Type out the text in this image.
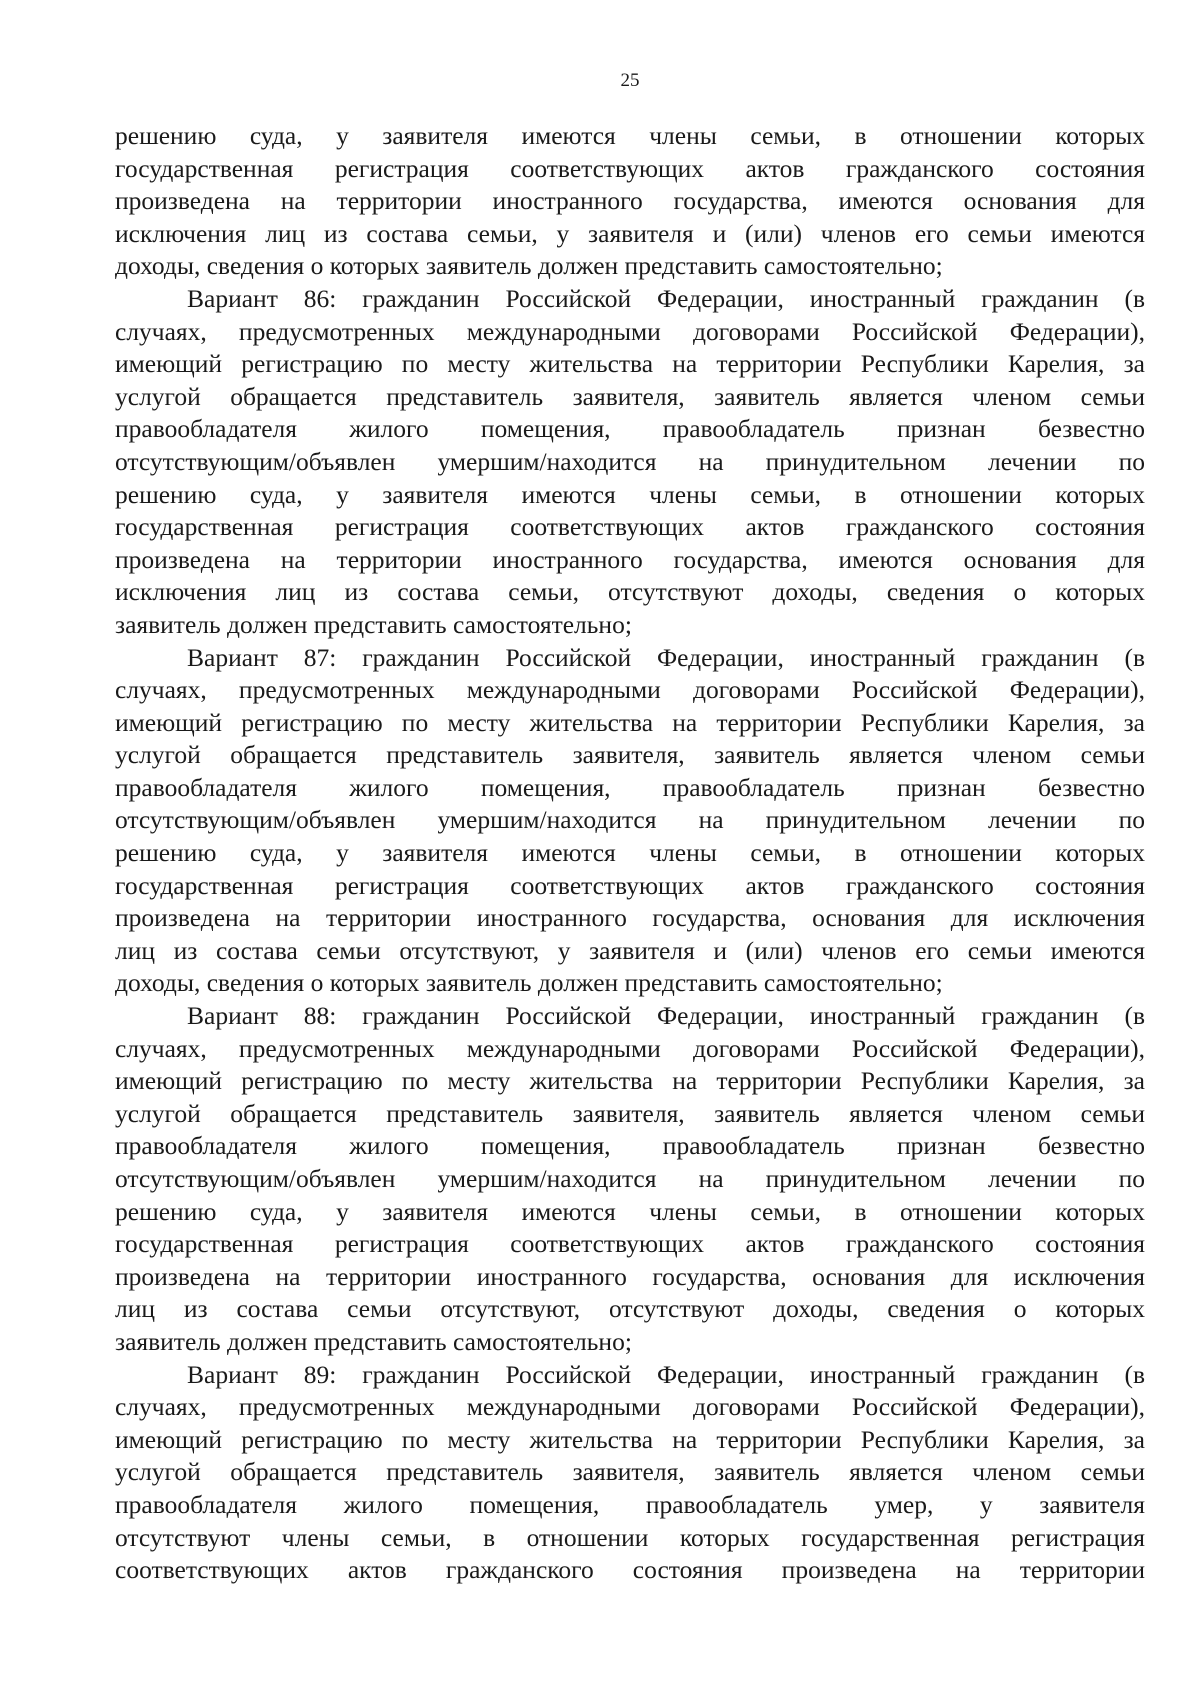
25
решению суда, у заявителя имеются члены семьи, в отношении которых
государственная регистрация соответствующих актов гражданского состояния
произведена на территории иностранного государства, имеются основания для
исключения лиц из состава семьи, у заявителя и (или) членов его семьи имеются
доходы, сведения о которых заявитель должен представить самостоятельно;
Вариант 86: гражданин Российской Федерации, иностранный гражданин (в
случаях, предусмотренных международными договорами Российской Федерации),
имеющий регистрацию по месту жительства на территории Республики Карелия, за
услугой обращается представитель заявителя, заявитель является членом семьи
правообладателя жилого помещения, правообладатель признан безвестно
отсутствующим/объявлен умершим/находится на принудительном лечении по
решению суда, у заявителя имеются члены семьи, в отношении которых
государственная регистрация соответствующих актов гражданского состояния
произведена на территории иностранного государства, имеются основания для
исключения лиц из состава семьи, отсутствуют доходы, сведения о которых
заявитель должен представить самостоятельно;
Вариант 87: гражданин Российской Федерации, иностранный гражданин (в
случаях, предусмотренных международными договорами Российской Федерации),
имеющий регистрацию по месту жительства на территории Республики Карелия, за
услугой обращается представитель заявителя, заявитель является членом семьи
правообладателя жилого помещения, правообладатель признан безвестно
отсутствующим/объявлен умершим/находится на принудительном лечении по
решению суда, у заявителя имеются члены семьи, в отношении которых
государственная регистрация соответствующих актов гражданского состояния
произведена на территории иностранного государства, основания для исключения
лиц из состава семьи отсутствуют, у заявителя и (или) членов его семьи имеются
доходы, сведения о которых заявитель должен представить самостоятельно;
Вариант 88: гражданин Российской Федерации, иностранный гражданин (в
случаях, предусмотренных международными договорами Российской Федерации),
имеющий регистрацию по месту жительства на территории Республики Карелия, за
услугой обращается представитель заявителя, заявитель является членом семьи
правообладателя жилого помещения, правообладатель признан безвестно
отсутствующим/объявлен умершим/находится на принудительном лечении по
решению суда, у заявителя имеются члены семьи, в отношении которых
государственная регистрация соответствующих актов гражданского состояния
произведена на территории иностранного государства, основания для исключения
лиц из состава семьи отсутствуют, отсутствуют доходы, сведения о которых
заявитель должен представить самостоятельно;
Вариант 89: гражданин Российской Федерации, иностранный гражданин (в
случаях, предусмотренных международными договорами Российской Федерации),
имеющий регистрацию по месту жительства на территории Республики Карелия, за
услугой обращается представитель заявителя, заявитель является членом семьи
правообладателя жилого помещения, правообладатель умер, у заявителя
отсутствуют члены семьи, в отношении которых государственная регистрация
соответствующих актов гражданского состояния произведена на территории
